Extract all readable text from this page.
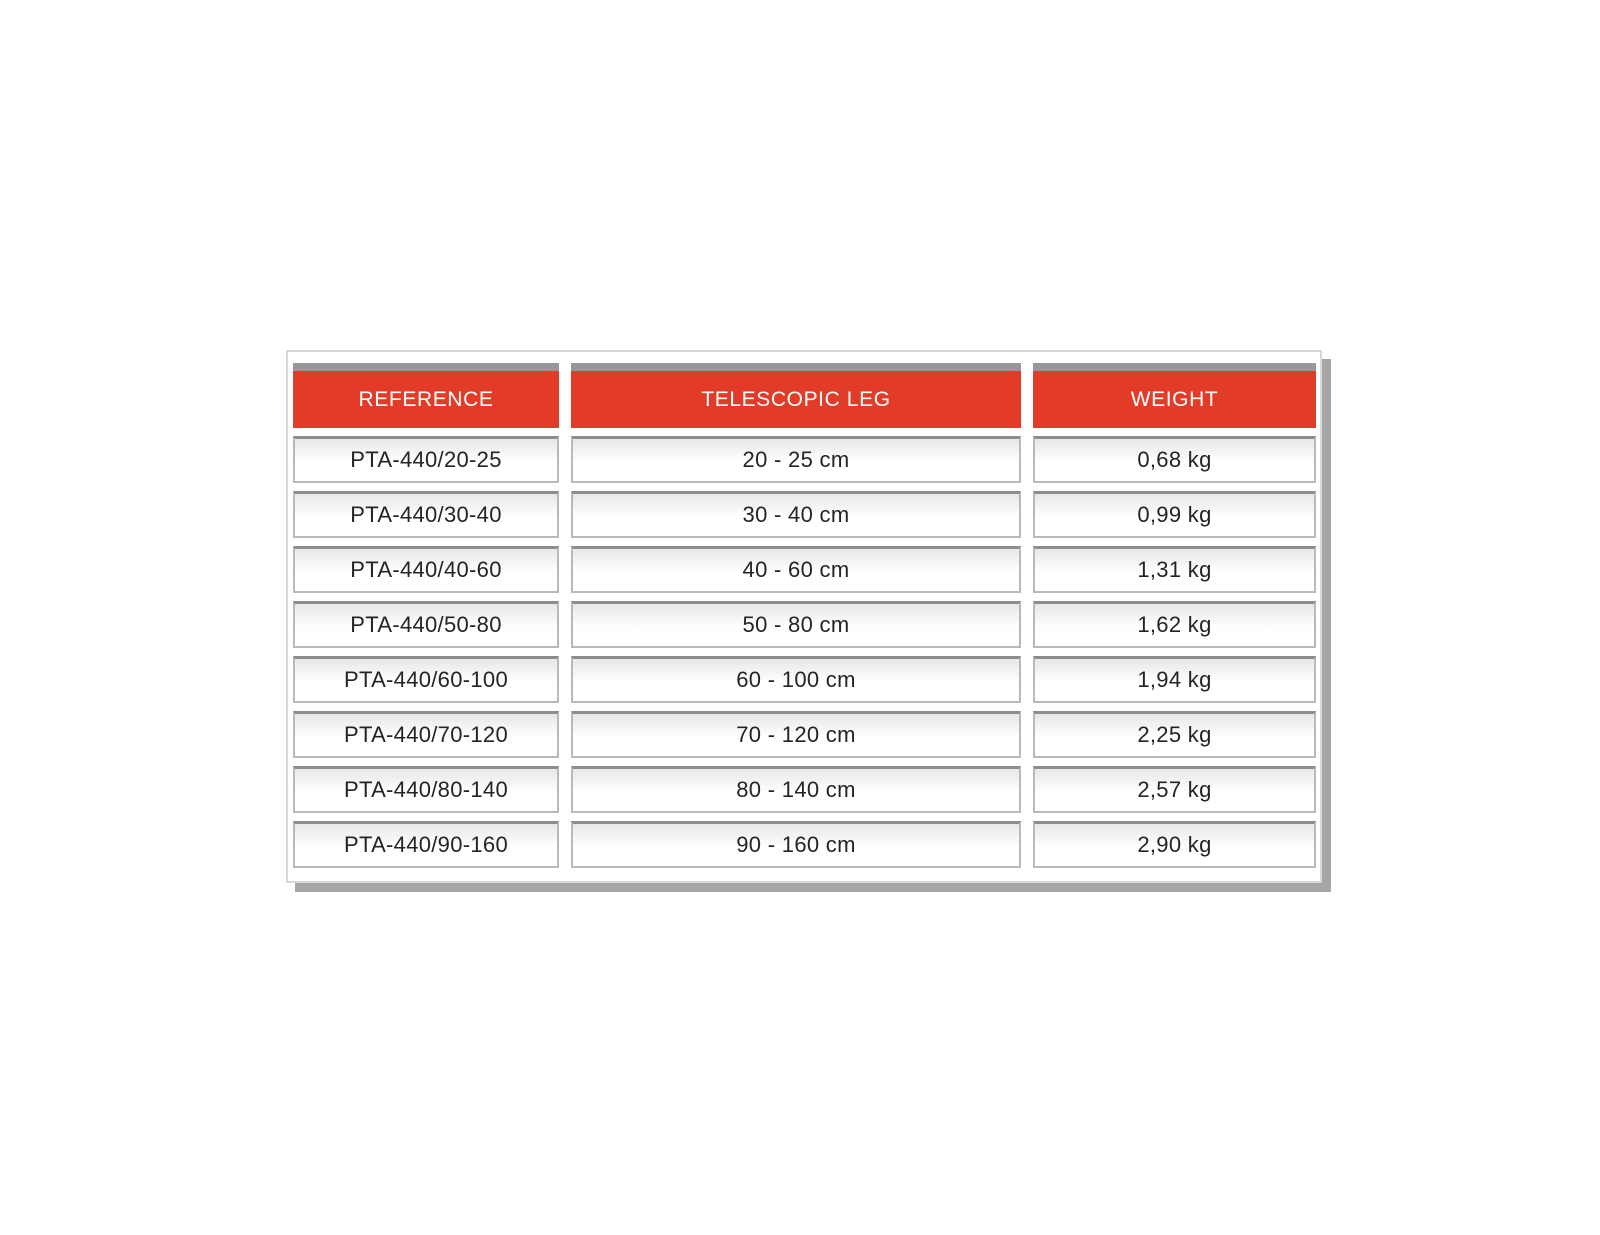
REFERENCE	TELESCOPIC LEG	WEIGHT
PTA-440/20-25	20 - 25 cm	0,68 kg
PTA-440/30-40	30 - 40 cm	0,99 kg
PTA-440/40-60	40 - 60 cm	1,31 kg
PTA-440/50-80	50 - 80 cm	1,62 kg
PTA-440/60-100	60 - 100 cm	1,94 kg
PTA-440/70-120	70 - 120 cm	2,25 kg
PTA-440/80-140	80 - 140 cm	2,57 kg
PTA-440/90-160	90 - 160 cm	2,90 kg
